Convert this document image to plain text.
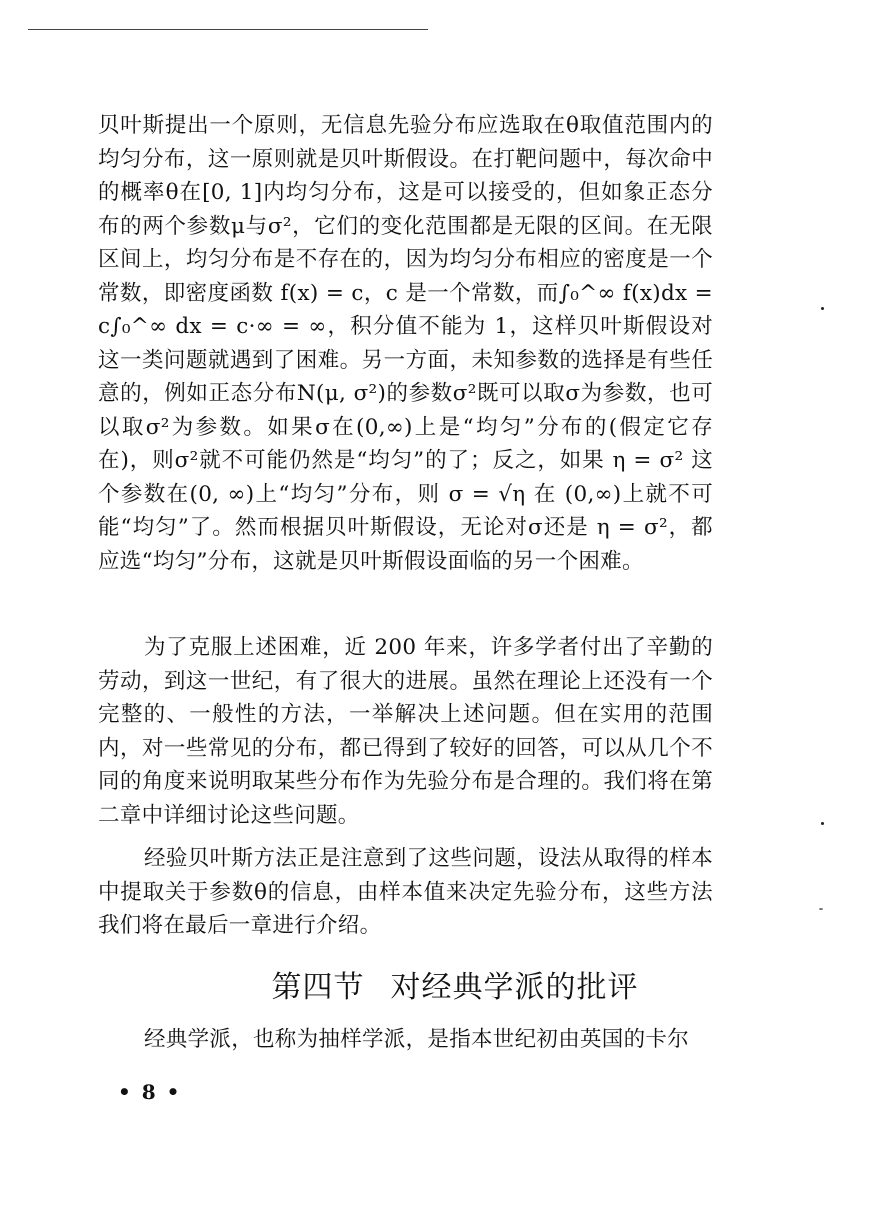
贝叶斯提出一个原则，无信息先验分布应选取在θ取值范围内的均匀分布，这一原则就是贝叶斯假设。在打靶问题中，每次命中的概率θ在[0, 1]内均匀分布，这是可以接受的，但如象正态分布的两个参数μ与σ²，它们的变化范围都是无限的区间。在无限区间上，均匀分布是不存在的，因为均匀分布相应的密度是一个常数，即密度函数 f(x) = c，c 是一个常数，而∫₀^∞ f(x)dx = c∫₀^∞ dx = c·∞ = ∞，积分值不能为 1，这样贝叶斯假设对这一类问题就遇到了困难。另一方面，未知参数的选择是有些任意的，例如正态分布N(μ, σ²)的参数σ²既可以取σ为参数，也可以取σ²为参数。如果σ在(0,∞)上是“均匀”分布的(假定它存在)，则σ²就不可能仍然是“均匀”的了；反之，如果 η = σ² 这个参数在(0, ∞)上“均匀”分布，则 σ = √η 在 (0,∞)上就不可能“均匀”了。然而根据贝叶斯假设，无论对σ还是 η = σ²，都应选“均匀”分布，这就是贝叶斯假设面临的另一个困难。

为了克服上述困难，近 200 年来，许多学者付出了辛勤的劳动，到这一世纪，有了很大的进展。虽然在理论上还没有一个完整的、一般性的方法，一举解决上述问题。但在实用的范围内，对一些常见的分布，都已得到了较好的回答，可以从几个不同的角度来说明取某些分布作为先验分布是合理的。我们将在第二章中详细讨论这些问题。

经验贝叶斯方法正是注意到了这些问题，设法从取得的样本中提取关于参数θ的信息，由样本值来决定先验分布，这些方法我们将在最后一章进行介绍。

第四节 对经典学派的批评

经典学派，也称为抽样学派，是指本世纪初由英国的卡尔

• 8 •
